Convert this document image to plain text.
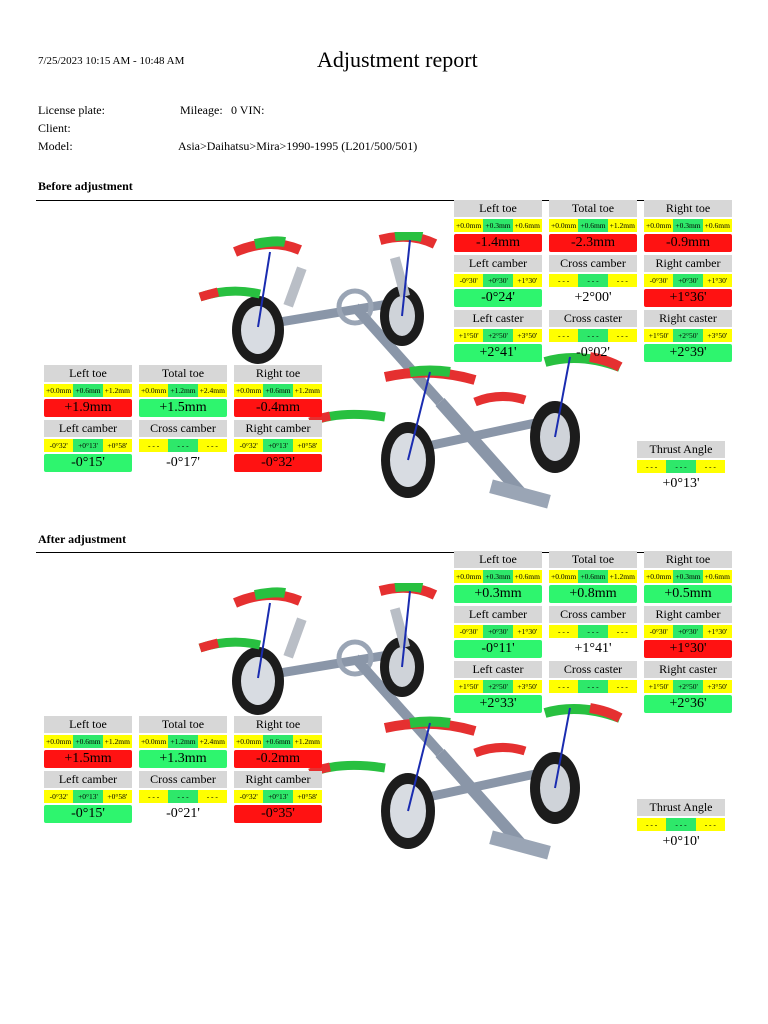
7/25/2023 10:15 AM - 10:48 AM	Adjustment report
License plate:	Mileage: 0 VIN:
Client:
Model:	Asia>Daihatsu>Mira>1990-1995 (L201/500/501)
Before adjustment
After adjustment
Left toe
+0.0mm +0.3mm +0.6mm
-1.4mm
Total toe
+0.0mm +0.6mm +1.2mm
-2.3mm
Right toe
+0.0mm +0.3mm +0.6mm
-0.9mm
Left camber
-0°30'	+0°30'	+1°30'
-0°24'
Cross camber
- - -	- - -	- - -
+2°00'
Right camber
-0°30'	+0°30'	+1°30'
+1°36'
Left caster
+1°50'	+2°50'	+3°50'
+2°41'
Cross caster
- - -	- - -	- - -
-0°02'
Right caster
+1°50'	+2°50'	+3°50'
+2°39'
Left toe
+0.0mm +0.6mm +1.2mm
+1.9mm
Total toe
+0.0mm +1.2mm +2.4mm
+1.5mm
Right toe
+0.0mm +0.6mm +1.2mm
-0.4mm
Left camber
-0°32'	+0°13'	+0°58'
-0°15'
Cross camber
- - -	- - -	- - -
-0°17'
Right camber
-0°32'	+0°13'	+0°58'
-0°32'
Thrust Angle
- - -	- - -	- - -
+0°13'
Left toe
+0.0mm +0.3mm +0.6mm
+0.3mm
Total toe
+0.0mm +0.6mm +1.2mm
+0.8mm
Right toe
+0.0mm +0.3mm +0.6mm
+0.5mm
Left camber
-0°30'	+0°30'	+1°30'
-0°11'
Cross camber
- - -	- - -	- - -
+1°41'
Right camber
-0°30'	+0°30'	+1°30'
+1°30'
Left caster
+1°50'	+2°50'	+3°50'
+2°33'
Cross caster
- - -	- - -	- - -
Right caster
+1°50'	+2°50'	+3°50'
+2°36'
Left toe
+0.0mm +0.6mm +1.2mm
+1.5mm
Total toe
+0.0mm +1.2mm +2.4mm
+1.3mm
Right toe
+0.0mm +0.6mm +1.2mm
-0.2mm
Left camber
-0°32'	+0°13'	+0°58'
-0°15'
Cross camber
- - -	- - -	- - -
-0°21'
Right camber
-0°32'	+0°13'	+0°58'
-0°35'	Thrust Angle
- - -	- - -	- - -
+0°10'
